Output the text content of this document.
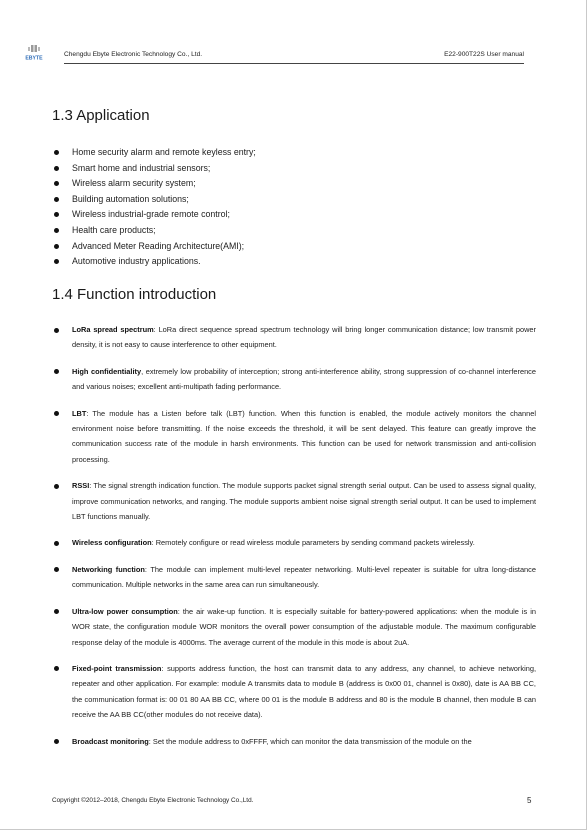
EBYTE
Chengdu Ebyte Electronic Technology Co., Ltd.	E22-900T22S User manual
1.3 Application
Home security alarm and remote keyless entry;
Smart home and industrial sensors;
Wireless alarm security system;
Building automation solutions;
Wireless industrial-grade remote control;
Health care products;
Advanced Meter Reading Architecture(AMI);
Automotive industry applications.
1.4 Function introduction
LoRa spread spectrum: LoRa direct sequence spread spectrum technology will bring longer communication distance; low transmit power density, it is not easy to cause interference to other equipment.
High confidentiality, extremely low probability of interception; strong anti-interference ability, strong suppression of co-channel interference and various noises; excellent anti-multipath fading performance.
LBT: The module has a Listen before talk (LBT) function. When this function is enabled, the module actively monitors the channel environment noise before transmitting. If the noise exceeds the threshold, it will be sent delayed. This feature can greatly improve the communication success rate of the module in harsh environments. This function can be used for network transmission and anti-collision processing.
RSSI: The signal strength indication function. The module supports packet signal strength serial output. Can be used to assess signal quality, improve communication networks, and ranging. The module supports ambient noise signal strength serial output. It can be used to implement LBT functions manually.
Wireless configuration: Remotely configure or read wireless module parameters by sending command packets wirelessly.
Networking function: The module can implement multi-level repeater networking. Multi-level repeater is suitable for ultra long-distance communication. Multiple networks in the same area can run simultaneously.
Ultra-low power consumption: the air wake-up function. It is especially suitable for battery-powered applications: when the module is in WOR state, the configuration module WOR monitors the overall power consumption of the adjustable module. The maximum configurable response delay of the module is 4000ms. The average current of the module in this mode is about 2uA.
Fixed-point transmission: supports address function, the host can transmit data to any address, any channel, to achieve networking, repeater and other application. For example: module A transmits data to module B (address is 0x00 01, channel is 0x80), date is AA BB CC, the communication format is: 00 01 80 AA BB CC, where 00 01 is the module B address and 80 is the module B channel, then module B can receive the AA BB CC(other modules do not receive data).
Broadcast monitoring: Set the module address to 0xFFFF, which can monitor the data transmission of the module on the
Copyright ©2012–2018, Chengdu Ebyte Electronic Technology Co.,Ltd.	5
